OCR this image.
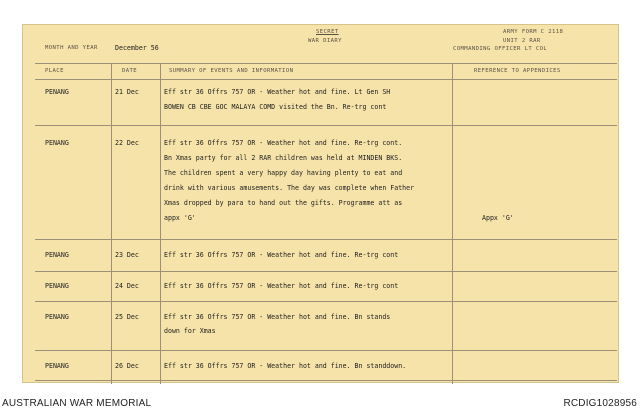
SECRET
WAR DIARY
MONTH AND YEAR	December 56
ARMY FORM C 2118
UNIT 2 RAR
COMMANDING OFFICER LT COL
PLACE	DATE	SUMMARY OF EVENTS AND INFORMATION	REFERENCE TO APPENDICES
PENANG	21 Dec	Eff str 36 Offrs 757 OR - Weather hot and fine. Lt Gen SH
BOWEN CB CBE GOC MALAYA COMD visited the Bn. Re-trg cont
PENANG	22 Dec	Eff str 36 Offrs 757 OR - Weather hot and fine. Re-trg cont.
Bn Xmas party for all 2 RAR children was held at MINDEN BKS.
The children spent a very happy day having plenty to eat and
drink with various amusements. The day was complete when Father
Xmas dropped by para to hand out the gifts. Programme att as
appx 'G'	Appx 'G'
PENANG	23 Dec	Eff str 36 Offrs 757 OR - Weather hot and fine. Re-trg cont
PENANG	24 Dec	Eff str 36 Offrs 757 OR - Weather hot and fine. Re-trg cont
PENANG	25 Dec	Eff str 36 Offrs 757 OR - Weather hot and fine. Bn stands
down for Xmas
PENANG	26 Dec	Eff str 36 Offrs 757 OR - Weather hot and fine. Bn standdown.
AUSTRALIAN WAR MEMORIAL	RCDIG1028956
